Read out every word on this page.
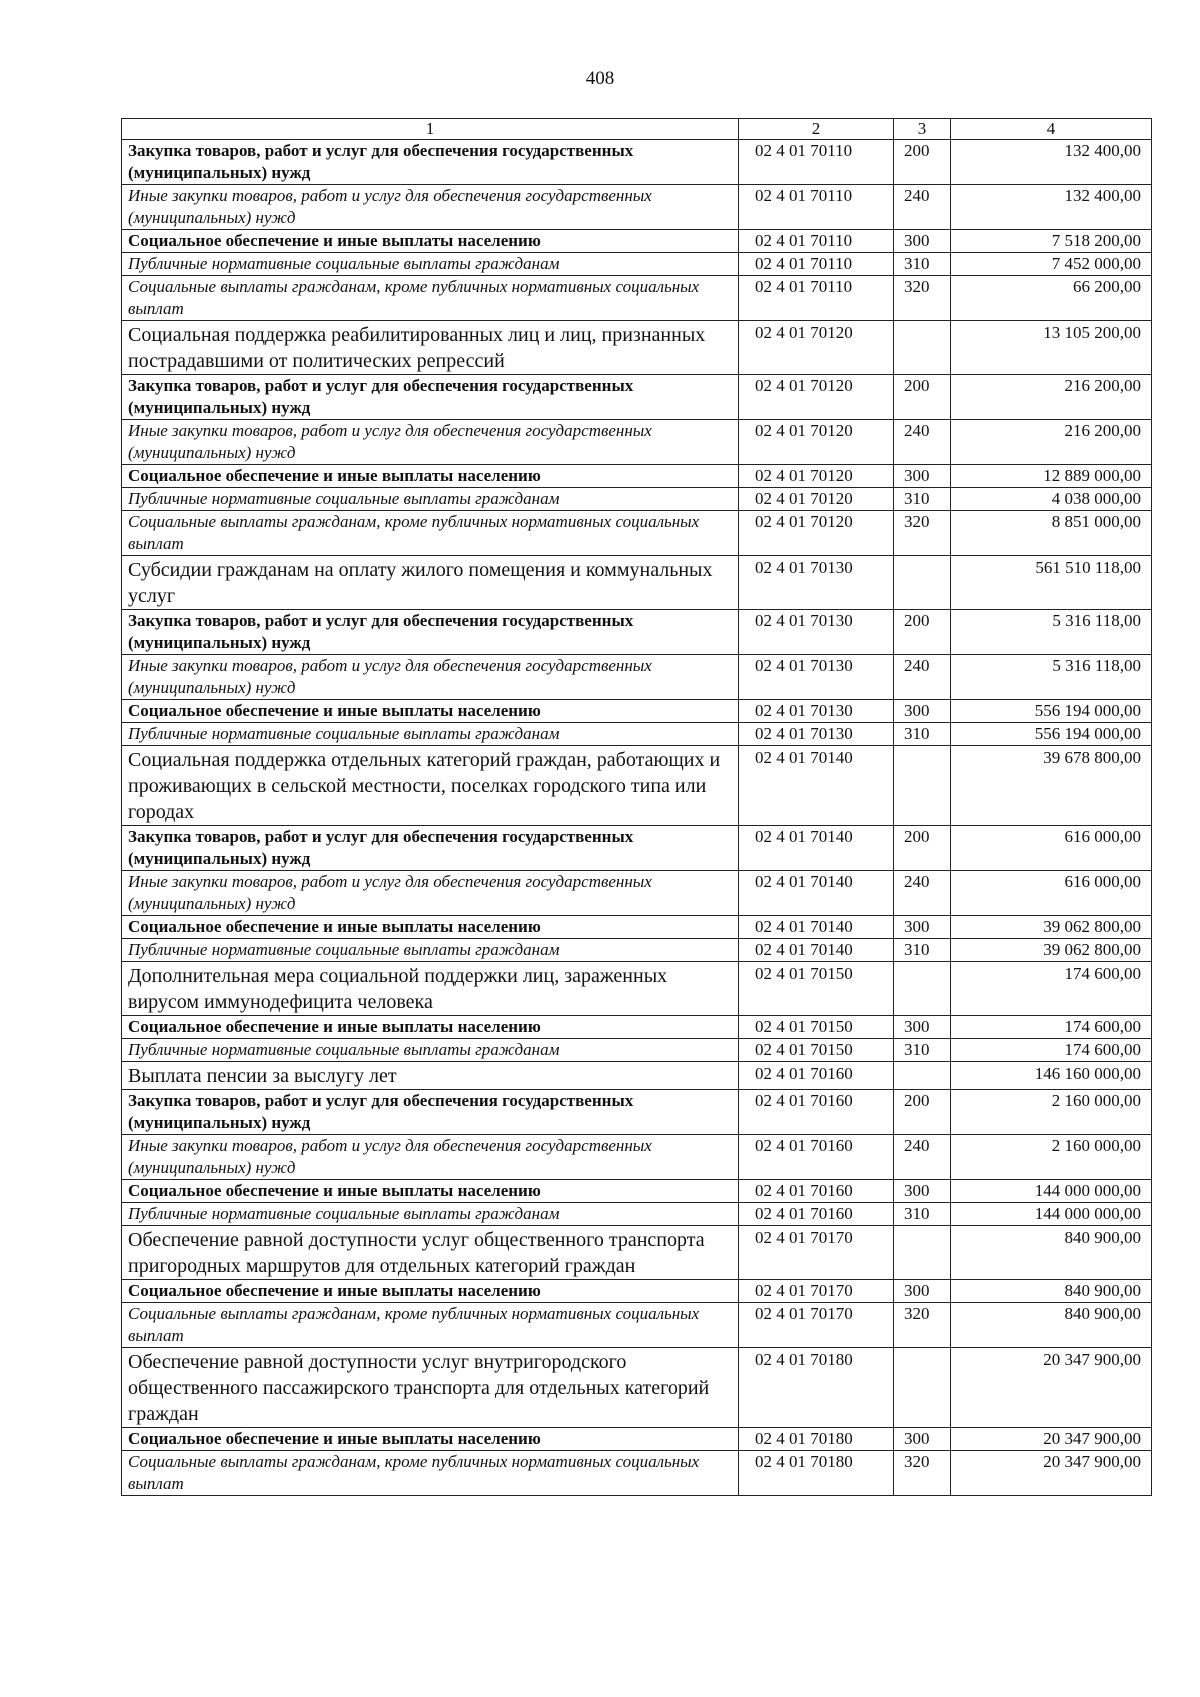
408
1	2	3	4
Закупка товаров, работ и услуг для обеспечения государственных (муниципальных) нужд	02 4 01 70110	200	132 400,00
Иные закупки товаров, работ и услуг для обеспечения государственных (муниципальных) нужд	02 4 01 70110	240	132 400,00
Социальное обеспечение и иные выплаты населению	02 4 01 70110	300	7 518 200,00
Публичные нормативные социальные выплаты гражданам	02 4 01 70110	310	7 452 000,00
Социальные выплаты гражданам, кроме публичных нормативных социальных выплат	02 4 01 70110	320	66 200,00
Социальная поддержка реабилитированных лиц и лиц, признанных пострадавшими от политических репрессий	02 4 01 70120		13 105 200,00
Закупка товаров, работ и услуг для обеспечения государственных (муниципальных) нужд	02 4 01 70120	200	216 200,00
Иные закупки товаров, работ и услуг для обеспечения государственных (муниципальных) нужд	02 4 01 70120	240	216 200,00
Социальное обеспечение и иные выплаты населению	02 4 01 70120	300	12 889 000,00
Публичные нормативные социальные выплаты гражданам	02 4 01 70120	310	4 038 000,00
Социальные выплаты гражданам, кроме публичных нормативных социальных выплат	02 4 01 70120	320	8 851 000,00
Субсидии гражданам на оплату жилого помещения и коммунальных услуг	02 4 01 70130		561 510 118,00
Закупка товаров, работ и услуг для обеспечения государственных (муниципальных) нужд	02 4 01 70130	200	5 316 118,00
Иные закупки товаров, работ и услуг для обеспечения государственных (муниципальных) нужд	02 4 01 70130	240	5 316 118,00
Социальное обеспечение и иные выплаты населению	02 4 01 70130	300	556 194 000,00
Публичные нормативные социальные выплаты гражданам	02 4 01 70130	310	556 194 000,00
Социальная поддержка отдельных категорий граждан, работающих и проживающих в сельской местности, поселках городского типа или городах	02 4 01 70140		39 678 800,00
Закупка товаров, работ и услуг для обеспечения государственных (муниципальных) нужд	02 4 01 70140	200	616 000,00
Иные закупки товаров, работ и услуг для обеспечения государственных (муниципальных) нужд	02 4 01 70140	240	616 000,00
Социальное обеспечение и иные выплаты населению	02 4 01 70140	300	39 062 800,00
Публичные нормативные социальные выплаты гражданам	02 4 01 70140	310	39 062 800,00
Дополнительная мера социальной поддержки лиц, зараженных вирусом иммунодефицита человека	02 4 01 70150		174 600,00
Социальное обеспечение и иные выплаты населению	02 4 01 70150	300	174 600,00
Публичные нормативные социальные выплаты гражданам	02 4 01 70150	310	174 600,00
Выплата пенсии за выслугу лет	02 4 01 70160		146 160 000,00
Закупка товаров, работ и услуг для обеспечения государственных (муниципальных) нужд	02 4 01 70160	200	2 160 000,00
Иные закупки товаров, работ и услуг для обеспечения государственных (муниципальных) нужд	02 4 01 70160	240	2 160 000,00
Социальное обеспечение и иные выплаты населению	02 4 01 70160	300	144 000 000,00
Публичные нормативные социальные выплаты гражданам	02 4 01 70160	310	144 000 000,00
Обеспечение равной доступности услуг общественного транспорта пригородных маршрутов для отдельных категорий граждан	02 4 01 70170		840 900,00
Социальное обеспечение и иные выплаты населению	02 4 01 70170	300	840 900,00
Социальные выплаты гражданам, кроме публичных нормативных социальных выплат	02 4 01 70170	320	840 900,00
Обеспечение равной доступности услуг внутригородского общественного пассажирского транспорта для отдельных категорий граждан	02 4 01 70180		20 347 900,00
Социальное обеспечение и иные выплаты населению	02 4 01 70180	300	20 347 900,00
Социальные выплаты гражданам, кроме публичных нормативных социальных выплат	02 4 01 70180	320	20 347 900,00
